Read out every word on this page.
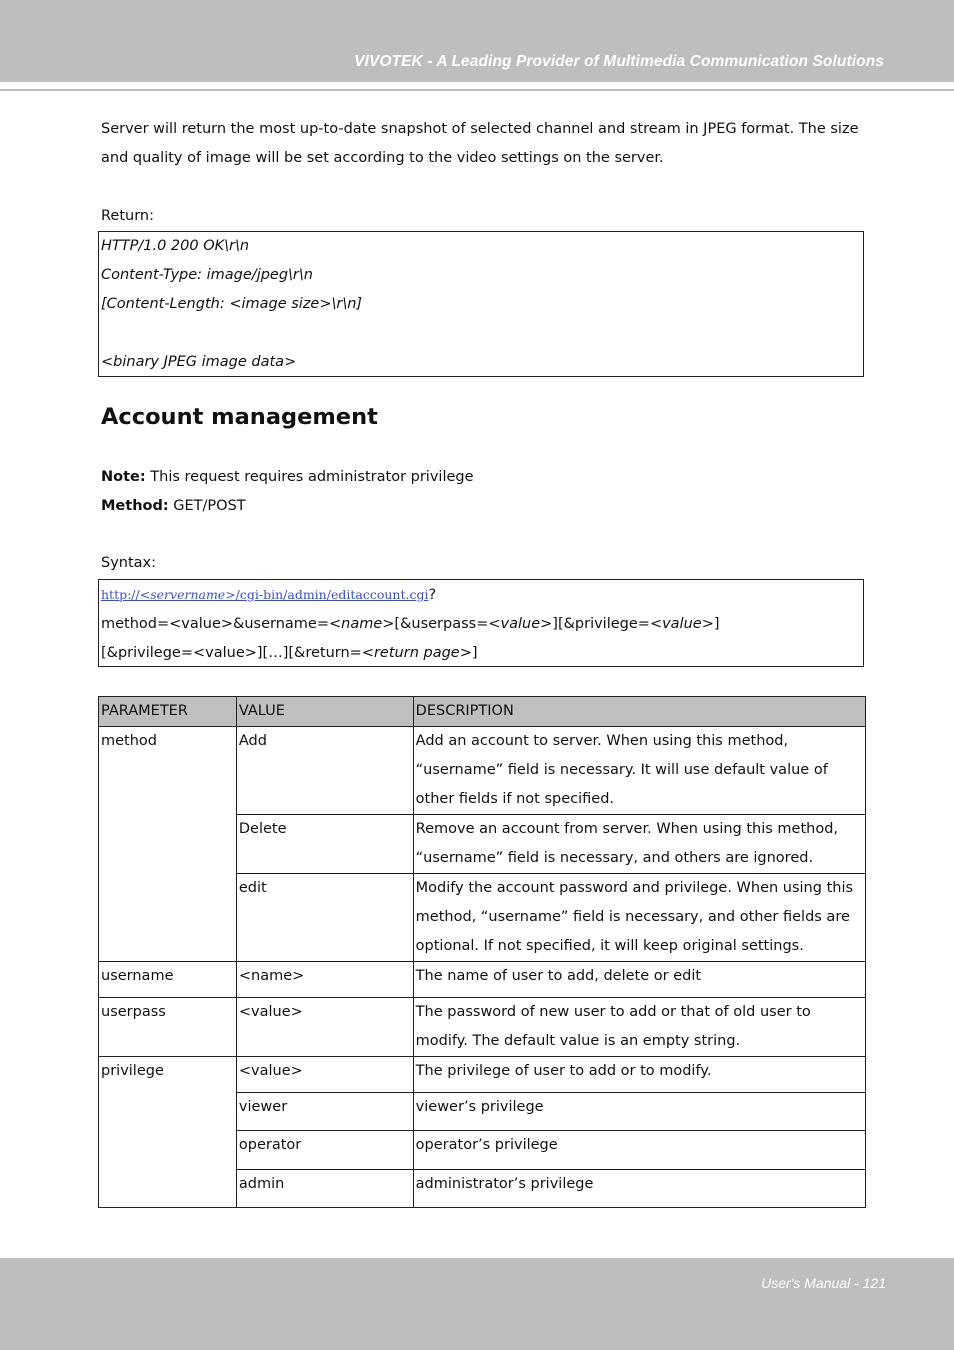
VIVOTEK - A Leading Provider of Multimedia Communication Solutions

Server will return the most up-to-date snapshot of selected channel and stream in JPEG format. The size and quality of image will be set according to the video settings on the server.

Return:

HTTP/1.0 200 OK\r\n
Content-Type: image/jpeg\r\n
[Content-Length: <image size>\r\n]
<binary JPEG image data>
Account management

Note: This request requires administrator privilege

Method: GET/POST

Syntax:

http://<servername>/cgi-bin/admin/editaccount.cgi?
method=<value>&username=<name>[&userpass=<value>][&privilege=<value>]
[&privilege=<value>][…][&return=<return page>]
PARAMETER	VALUE	DESCRIPTION
method	Add	Add an account to server. When using this method, “username” field is necessary. It will use default value of other fields if not specified.
	Delete	Remove an account from server. When using this method, “username” field is necessary, and others are ignored.
	edit	Modify the account password and privilege. When using this method, “username” field is necessary, and other fields are optional. If not specified, it will keep original settings.
username	<name>	The name of user to add, delete or edit
userpass	<value>	The password of new user to add or that of old user to modify. The default value is an empty string.
privilege	<value>	The privilege of user to add or to modify.
	viewer	viewer’s privilege
	operator	operator’s privilege
	admin	administrator’s privilege
User's Manual - 121
